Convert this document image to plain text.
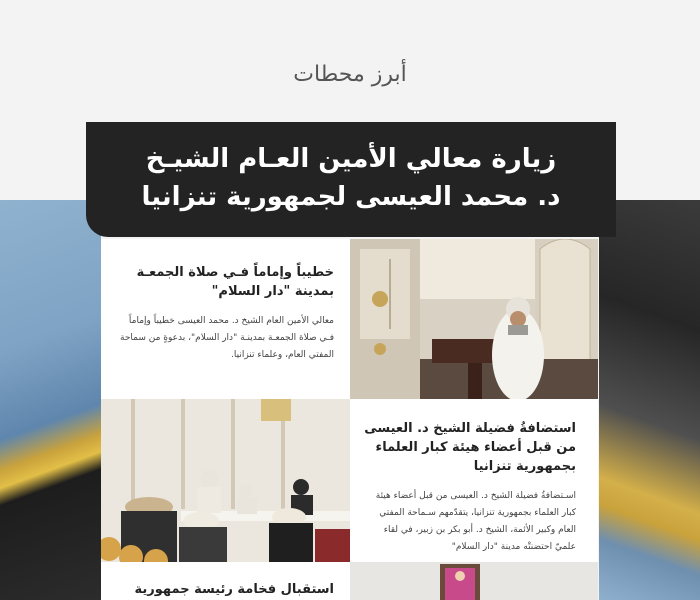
أبرز محطات
زيارة معالي الأمين العـام الشيـخ
د. محمد العيسى لجمهورية تنزانيا
خطيباً وإماماً فـي صلاة الجمعـة بمدينة "دار السلام"
معالي الأمين العام الشيخ د. محمد العيسى خطيباً وإماماً فـي صلاة الجمعـة بمدينـة "دار السلام"، بدعوةٍ من سماحة المفتي العام، وعلماء تنزانيا.
استضافةُ فضيلة الشيخ د. العيسى من قبل أعضاء هيئة كبار العلماء بجمهورية تنزانيا
اسـتضافةُ فضيلة الشيخ د. العيسى من قبل أعضاء هيئة كبار العلماء بجمهورية تنزانيا، يتقدّمهم سـماحة المفتي العام وكبير الأئمة، الشيخ د. أبو بكر بن زبير، في لقاء علميّ احتضنتْه مدينة "دار السلام"
استقبال فخامة رئيسة جمهورية
